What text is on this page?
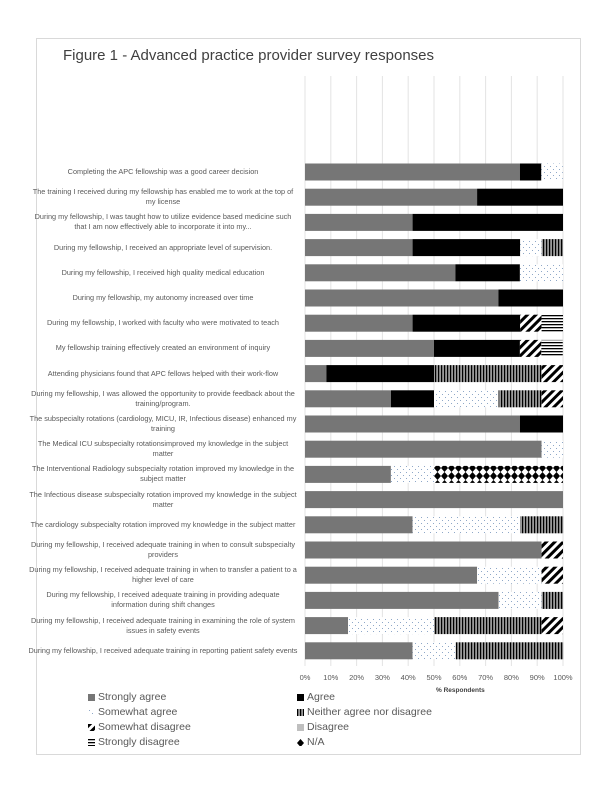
Figure 1 - Advanced practice provider survey responses
Completing the APC fellowship was a good career decision
The training I received during my fellowship has enabled me to work at the top of my license
During my fellowship, I was taught how to utilize evidence based medicine such that I am now effectively able to incorporate it into my...
During my fellowship, I received an appropriate level of supervision.
During my fellowship, I received high quality medical education
During my fellowship, my autonomy increased over time
During my fellowship, I worked with faculty who were motivated to teach
My fellowship training effectively created an environment of inquiry
Attending physicians found that APC fellows helped with their work-flow
During my fellowship, I was allowed the opportunity to provide feedback about the training/program.
The subspecialty rotations (cardiology, MICU, IR, Infectious disease) enhanced my training
The Medical ICU subspecialty rotationsimproved my knowledge in the subject matter
The Interventional Radiology subspecialty rotation improved my knowledge in the subject matter
The Infectious disease subspecialty rotation improved my knowledge in the subject matter
The cardiology subspecialty rotation improved my knowledge in the subject matter
During my fellowship, I received adequate training in when to consult subspecialty providers
During my fellowship, I received adequate training in when to transfer a patient to a higher level of care
During my fellowship, I received adequate training in providing adequate information during shift changes
During my fellowship, I received adequate training in examining the role of system issues in safety events
During my fellowship, I received adequate training in reporting patient safety events
0% 10% 20% 30% 40% 50% 60% 70% 80% 90% 100%
% Respondents
Strongly agree	Agree
Somewhat agree	Neither agree nor disagree
Somewhat disagree	Disagree
Strongly disagree	N/A
